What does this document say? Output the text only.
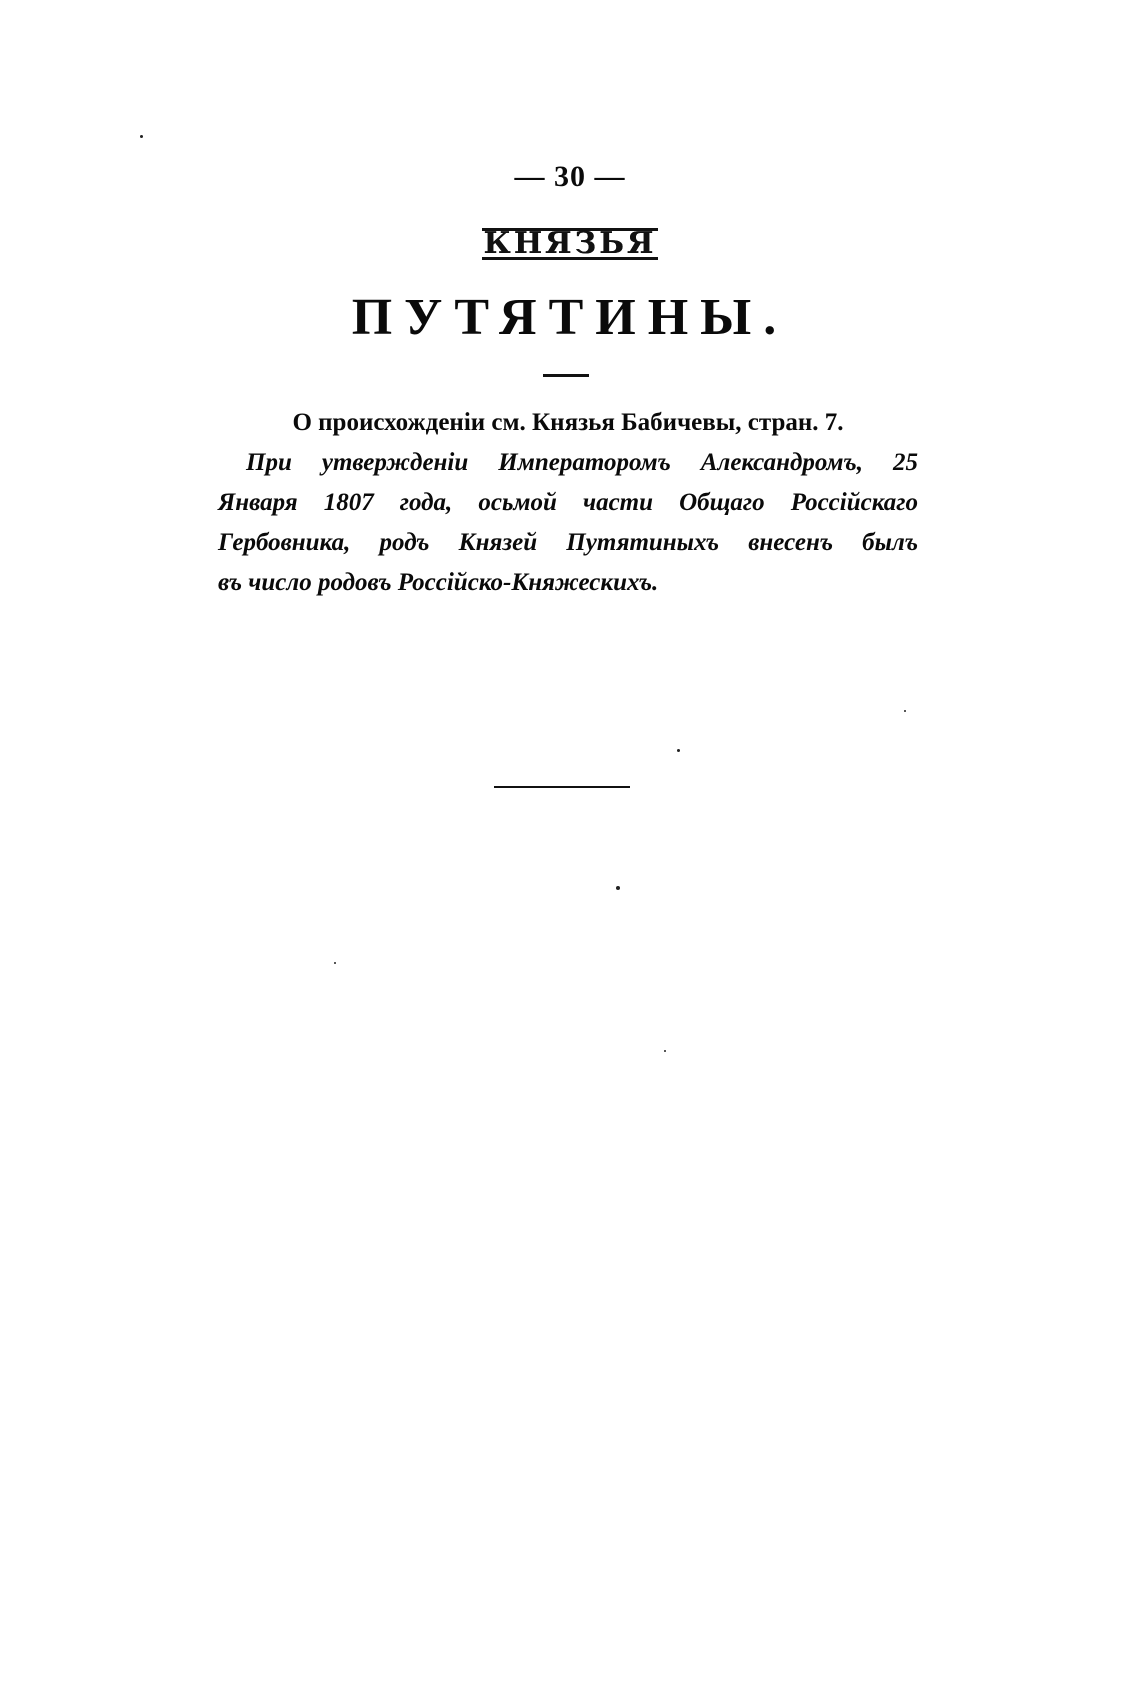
— 30 —
КНЯЗЬЯ
ПУТЯТИНЫ.
О происхожденіи см. Князья Бабичевы, стран. 7.
При утвержденіи Императоромъ Александромъ, 25
Января 1807 года, осьмой части Общаго Россійскаго
Гербовника, родъ Князей Путятиныхъ внесенъ былъ
въ число родовъ Россійско-Княжескихъ.
